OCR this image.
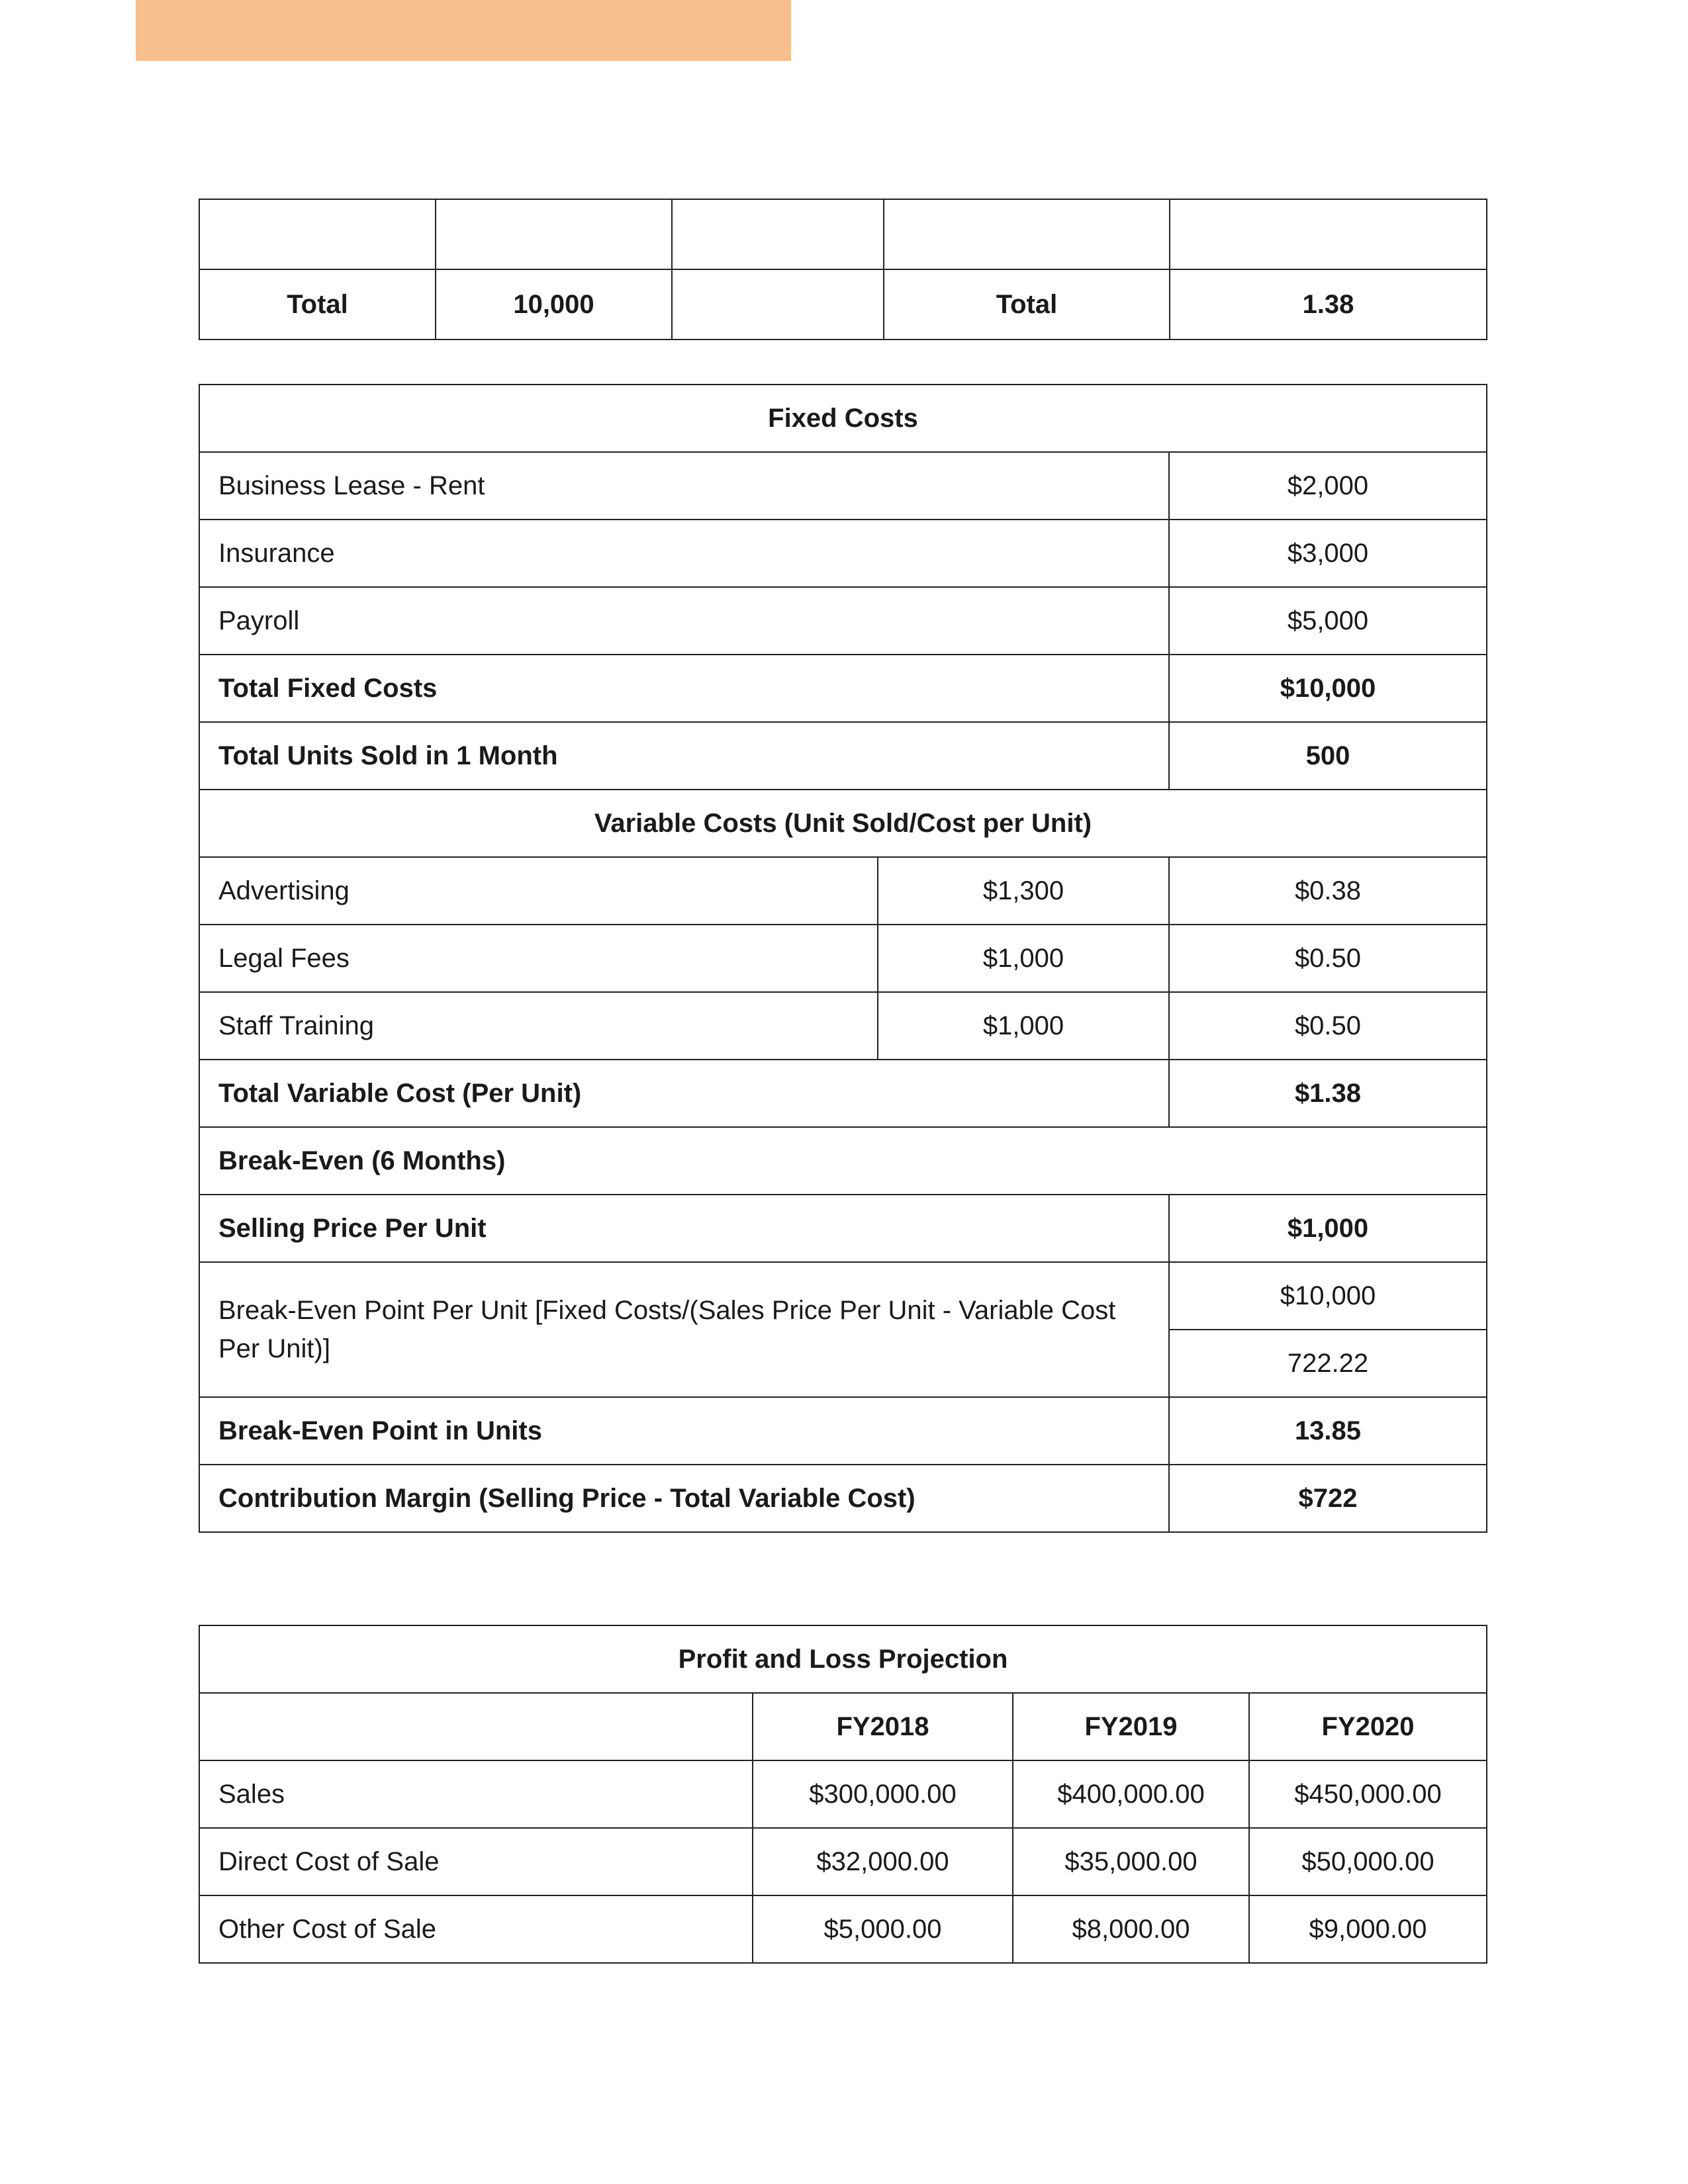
Total	10,000		Total	1.38
Fixed Costs		
Business Lease - Rent		$2,000
Insurance		$3,000
Payroll		$5,000
Total Fixed Costs		$10,000
Total Units Sold in 1 Month		500
Variable Costs (Unit Sold/Cost per Unit)		
Advertising	$1,300	$0.38
Legal Fees	$1,000	$0.50
Staff Training	$1,000	$0.50
Total Variable Cost (Per Unit)		$1.38
Break-Even (6 Months)		
Selling Price Per Unit		$1,000
Break-Even Point Per Unit [Fixed Costs/(Sales Price Per Unit - Variable Cost Per Unit)]		$10,000
		722.22
Break-Even Point in Units		13.85
Contribution Margin (Selling Price - Total Variable Cost)		$722
Profit and Loss Projection			
	FY2018	FY2019	FY2020
Sales	$300,000.00	$400,000.00	$450,000.00
Direct Cost of Sale	$32,000.00	$35,000.00	$50,000.00
Other Cost of Sale	$5,000.00	$8,000.00	$9,000.00
